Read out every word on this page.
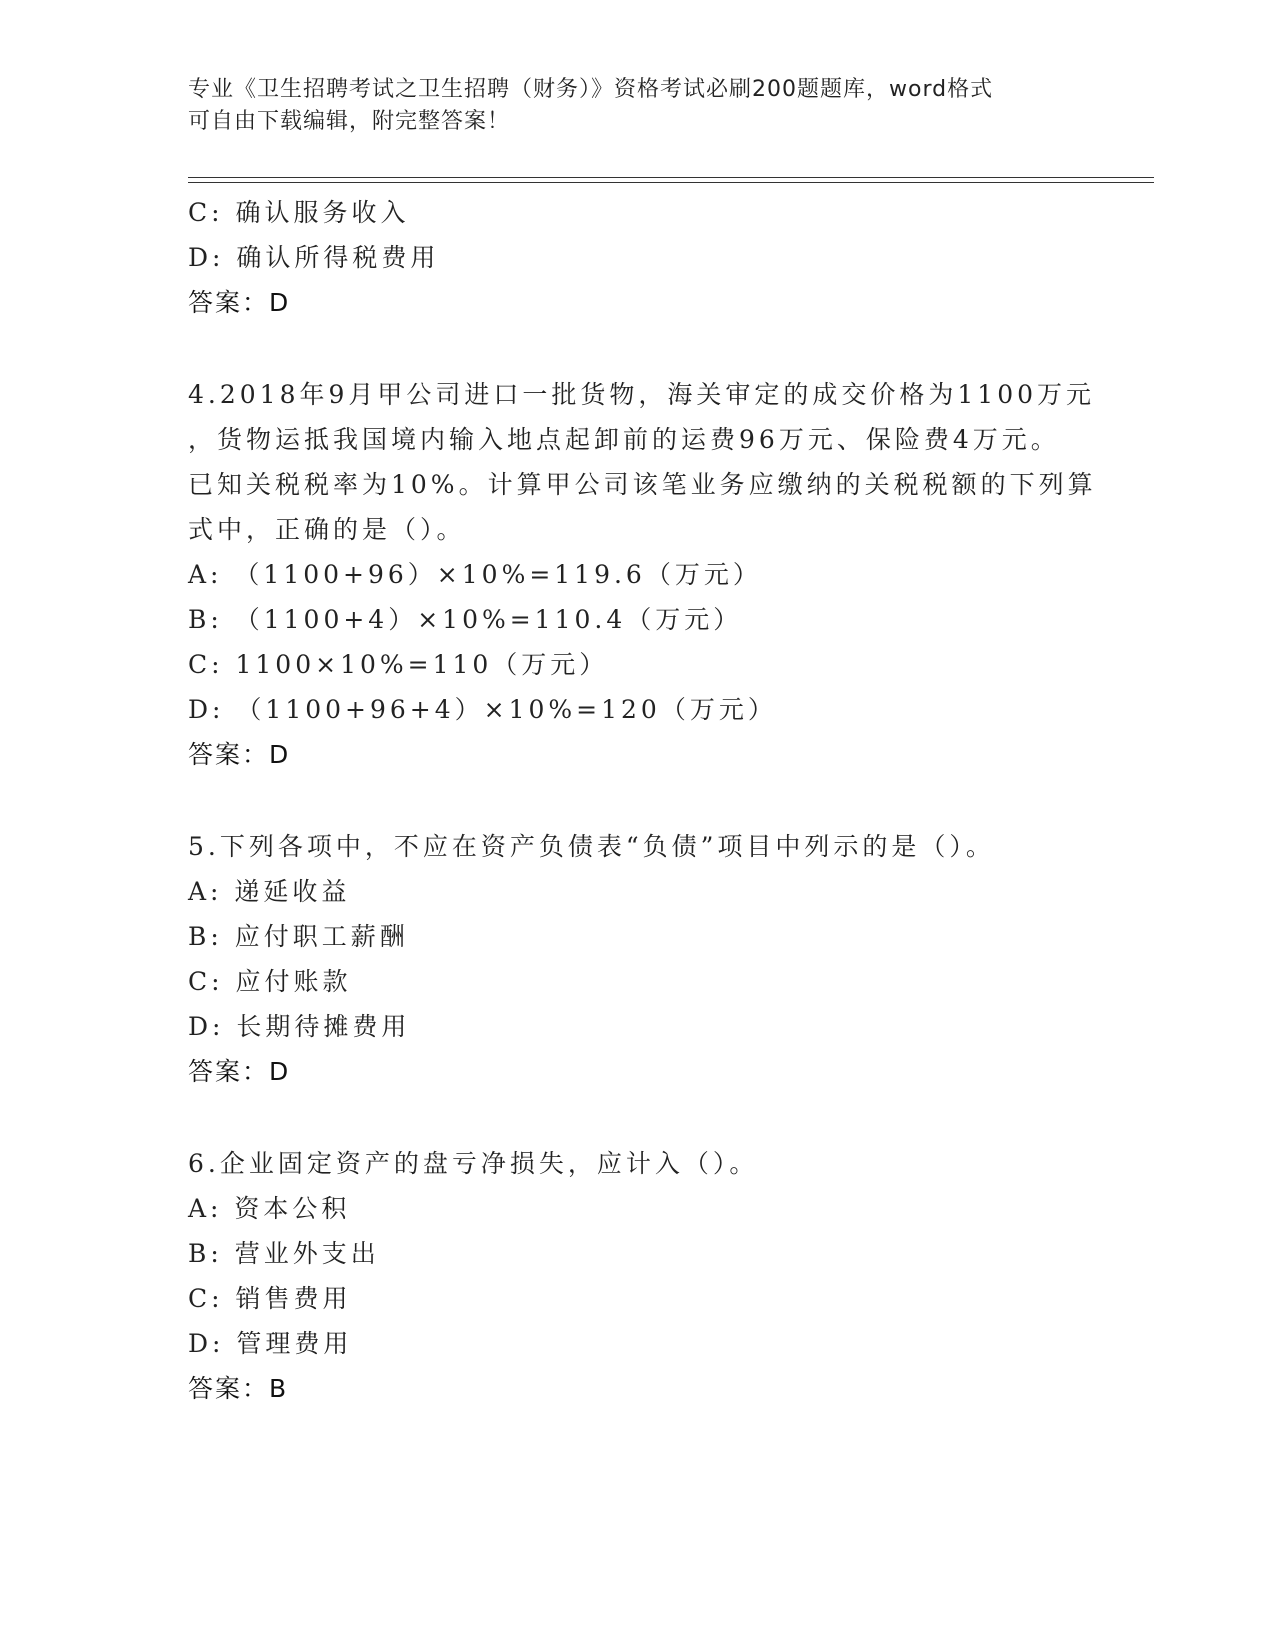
专业《卫生招聘考试之卫生招聘（财务）》资格考试必刷200题题库，word格式
可自由下载编辑，附完整答案！
C: 确认服务收入
D: 确认所得税费用
答案：D
4.2018年9月甲公司进口一批货物，海关审定的成交价格为1100万元
，货物运抵我国境内输入地点起卸前的运费96万元、保险费4万元。
已知关税税率为10%。计算甲公司该笔业务应缴纳的关税税额的下列算
式中，正确的是（）。
A: （1100+96）×10%=119.6（万元）
B: （1100+4）×10%=110.4（万元）
C: 1100×10%=110（万元）
D: （1100+96+4）×10%=120（万元）
答案：D
5.下列各项中，不应在资产负债表“负债”项目中列示的是（）。
A: 递延收益
B: 应付职工薪酬
C: 应付账款
D: 长期待摊费用
答案：D
6.企业固定资产的盘亏净损失，应计入（）。
A: 资本公积
B: 营业外支出
C: 销售费用
D: 管理费用
答案：B
